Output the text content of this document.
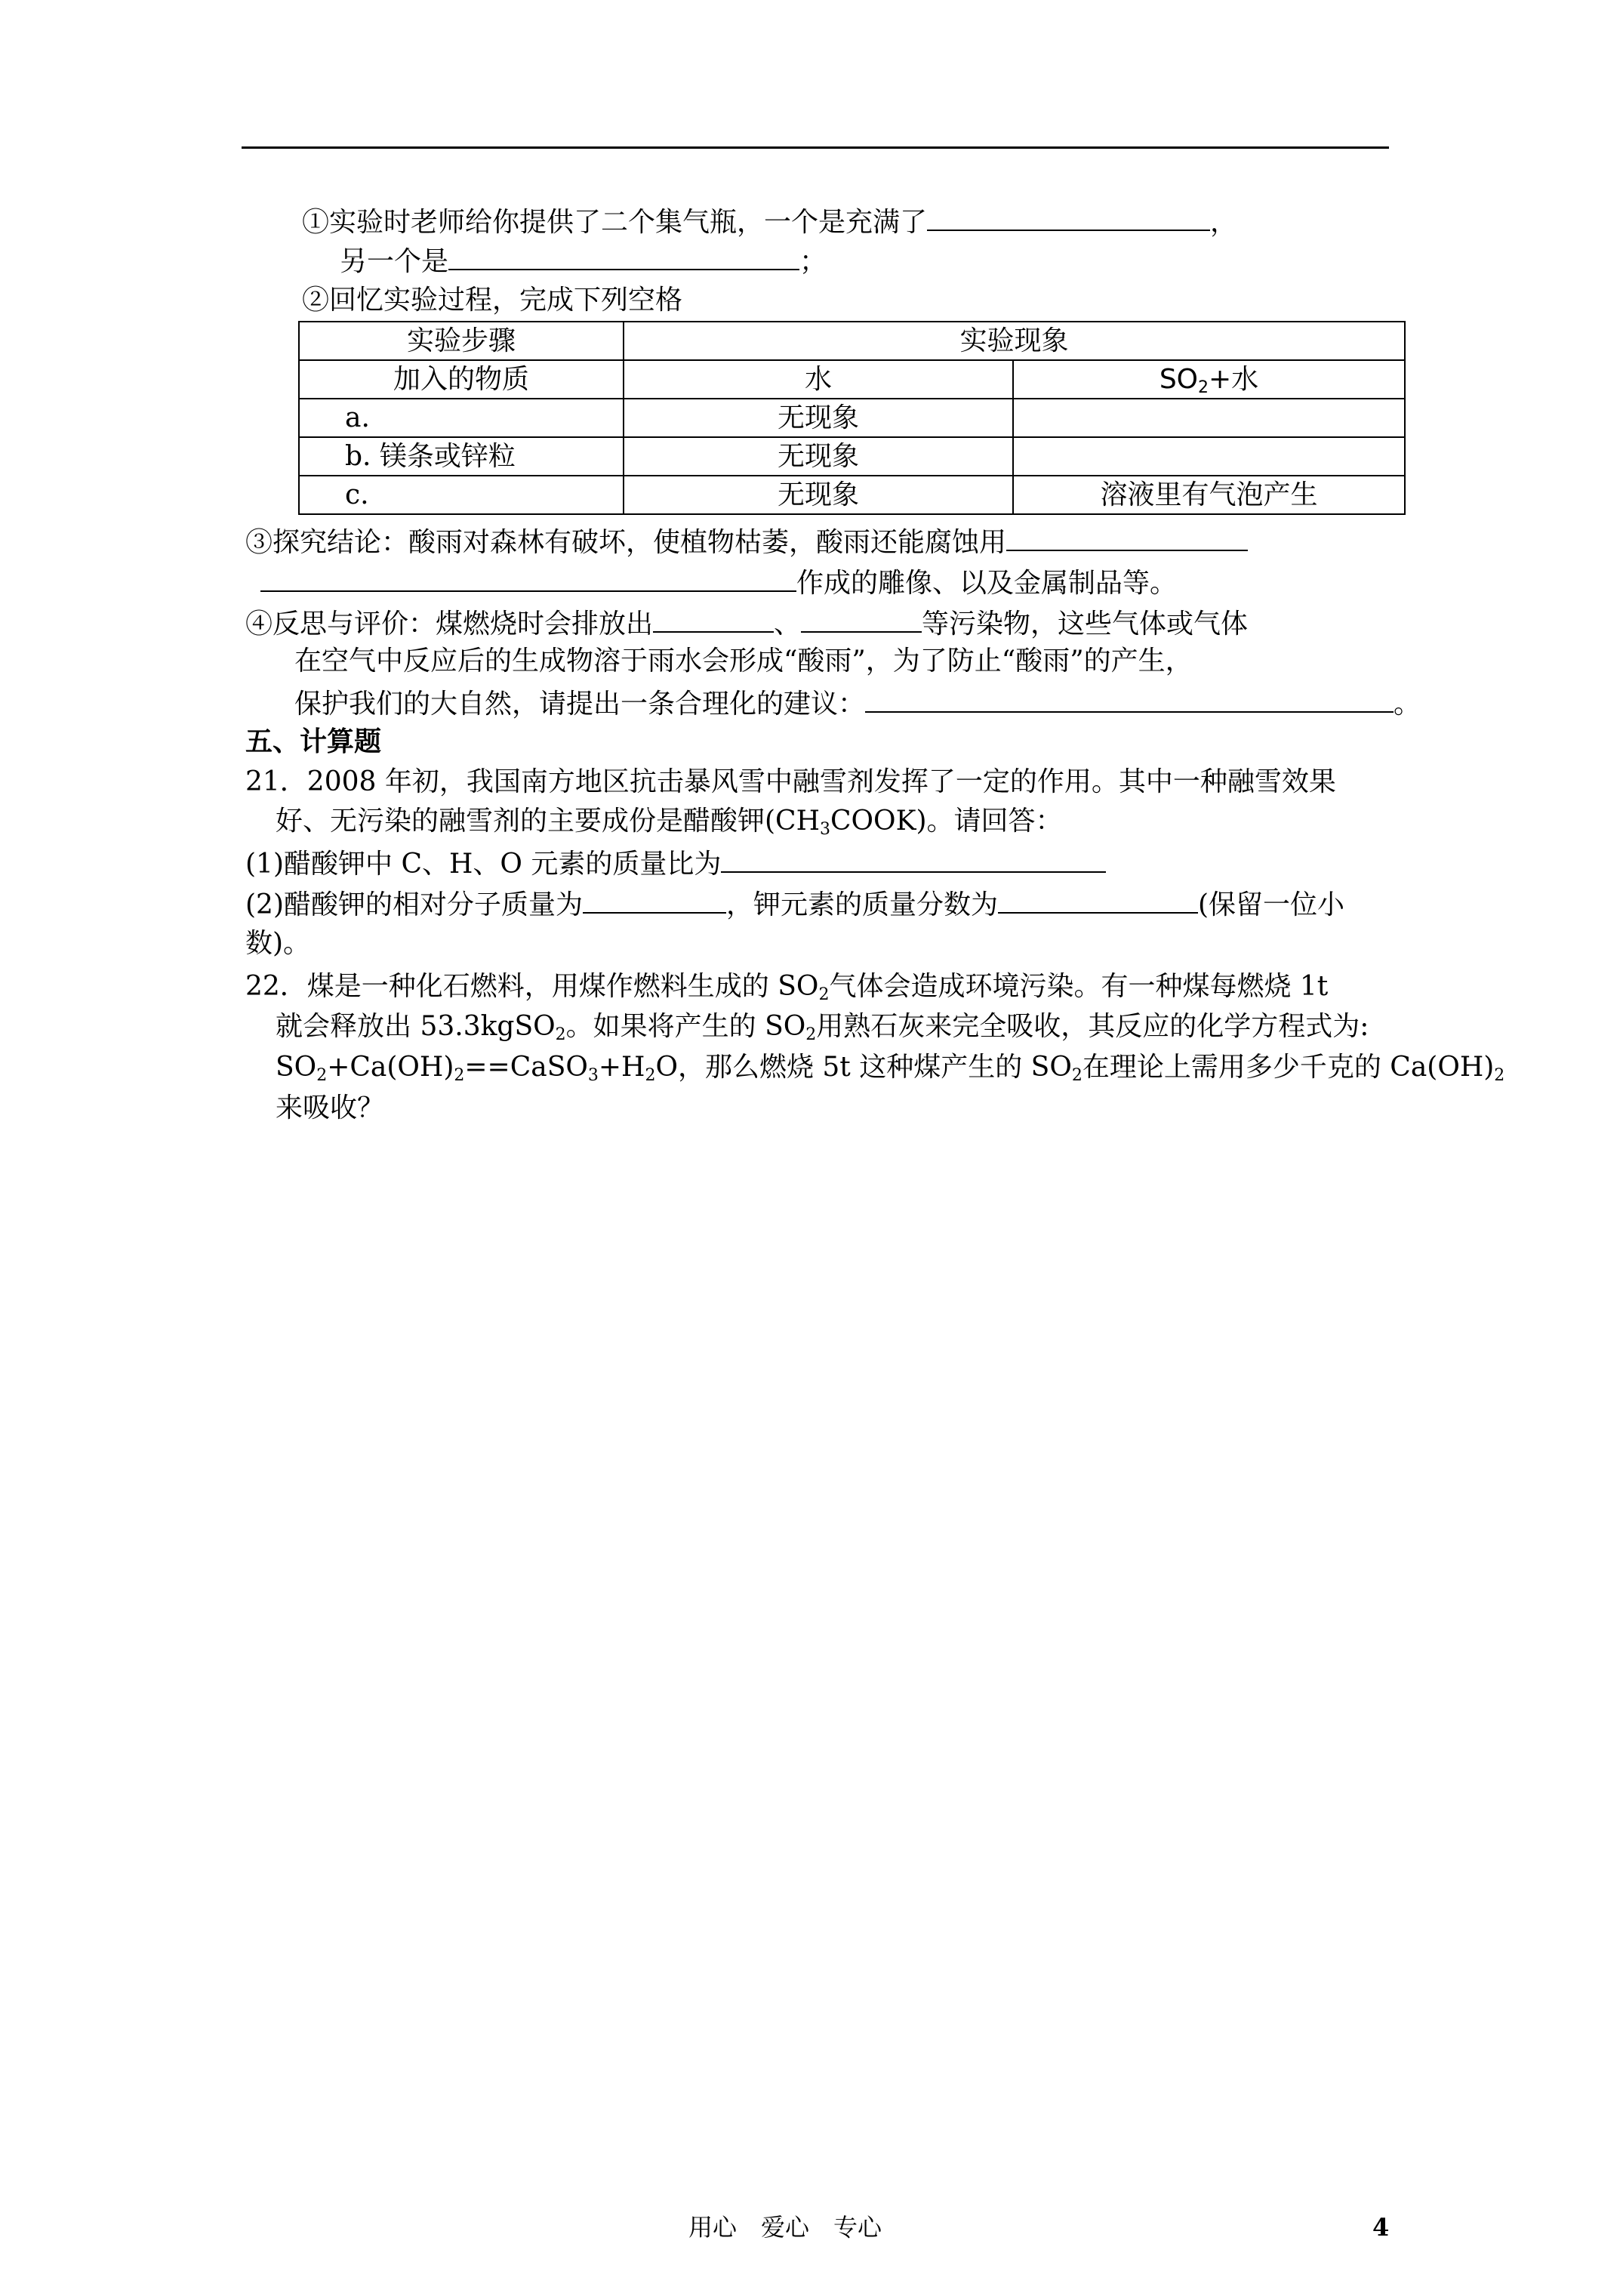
①实验时老师给你提供了二个集气瓶，一个是充满了	，
另一个是	；
②回忆实验过程，完成下列空格
实验步骤	实验现象	
加入的物质	水	$SO_2+$水
a.	无现象	
b. 镁条或锌粒	无现象	
c.	无现象	溶液里有气泡产生
③探究结论：酸雨对森林有破坏，使植物枯萎，酸雨还能腐蚀用
作成的雕像、以及金属制品等。
④反思与评价：煤燃烧时会排放出	、	等污染物，这些气体或气体
在空气中反应后的生成物溶于雨水会形成“酸雨”，为了防止“酸雨”的产生，
保护我们的大自然，请提出一条合理化的建议：	。
五、计算题
21．2008 年初，我国南方地区抗击暴风雪中融雪剂发挥了一定的作用。其中一种融雪效果
好、无污染的融雪剂的主要成份是醋酸钾$(CH_3COOK)$。请回答：
(1)醋酸钾中 C、H、O 元素的质量比为
(2)醋酸钾的相对分子质量为	，钾元素的质量分数为	(保留一位小
数)。
22．煤是一种化石燃料，用煤作燃料生成的 $SO_2$气体会造成环境污染。有一种煤每燃烧 1t
就会释放出 53.3kgSO$_2$。如果将产生的 $SO_2$用熟石灰来完全吸收，其反应的化学方程式为:
$SO_2+Ca(OH)_2==CaSO_3+H_2O$，那么燃烧 5t 这种煤产生的 $SO_2$在理论上需用多少千克的 $Ca(OH)_2$
来吸收？
用心　爱心　专心	4
